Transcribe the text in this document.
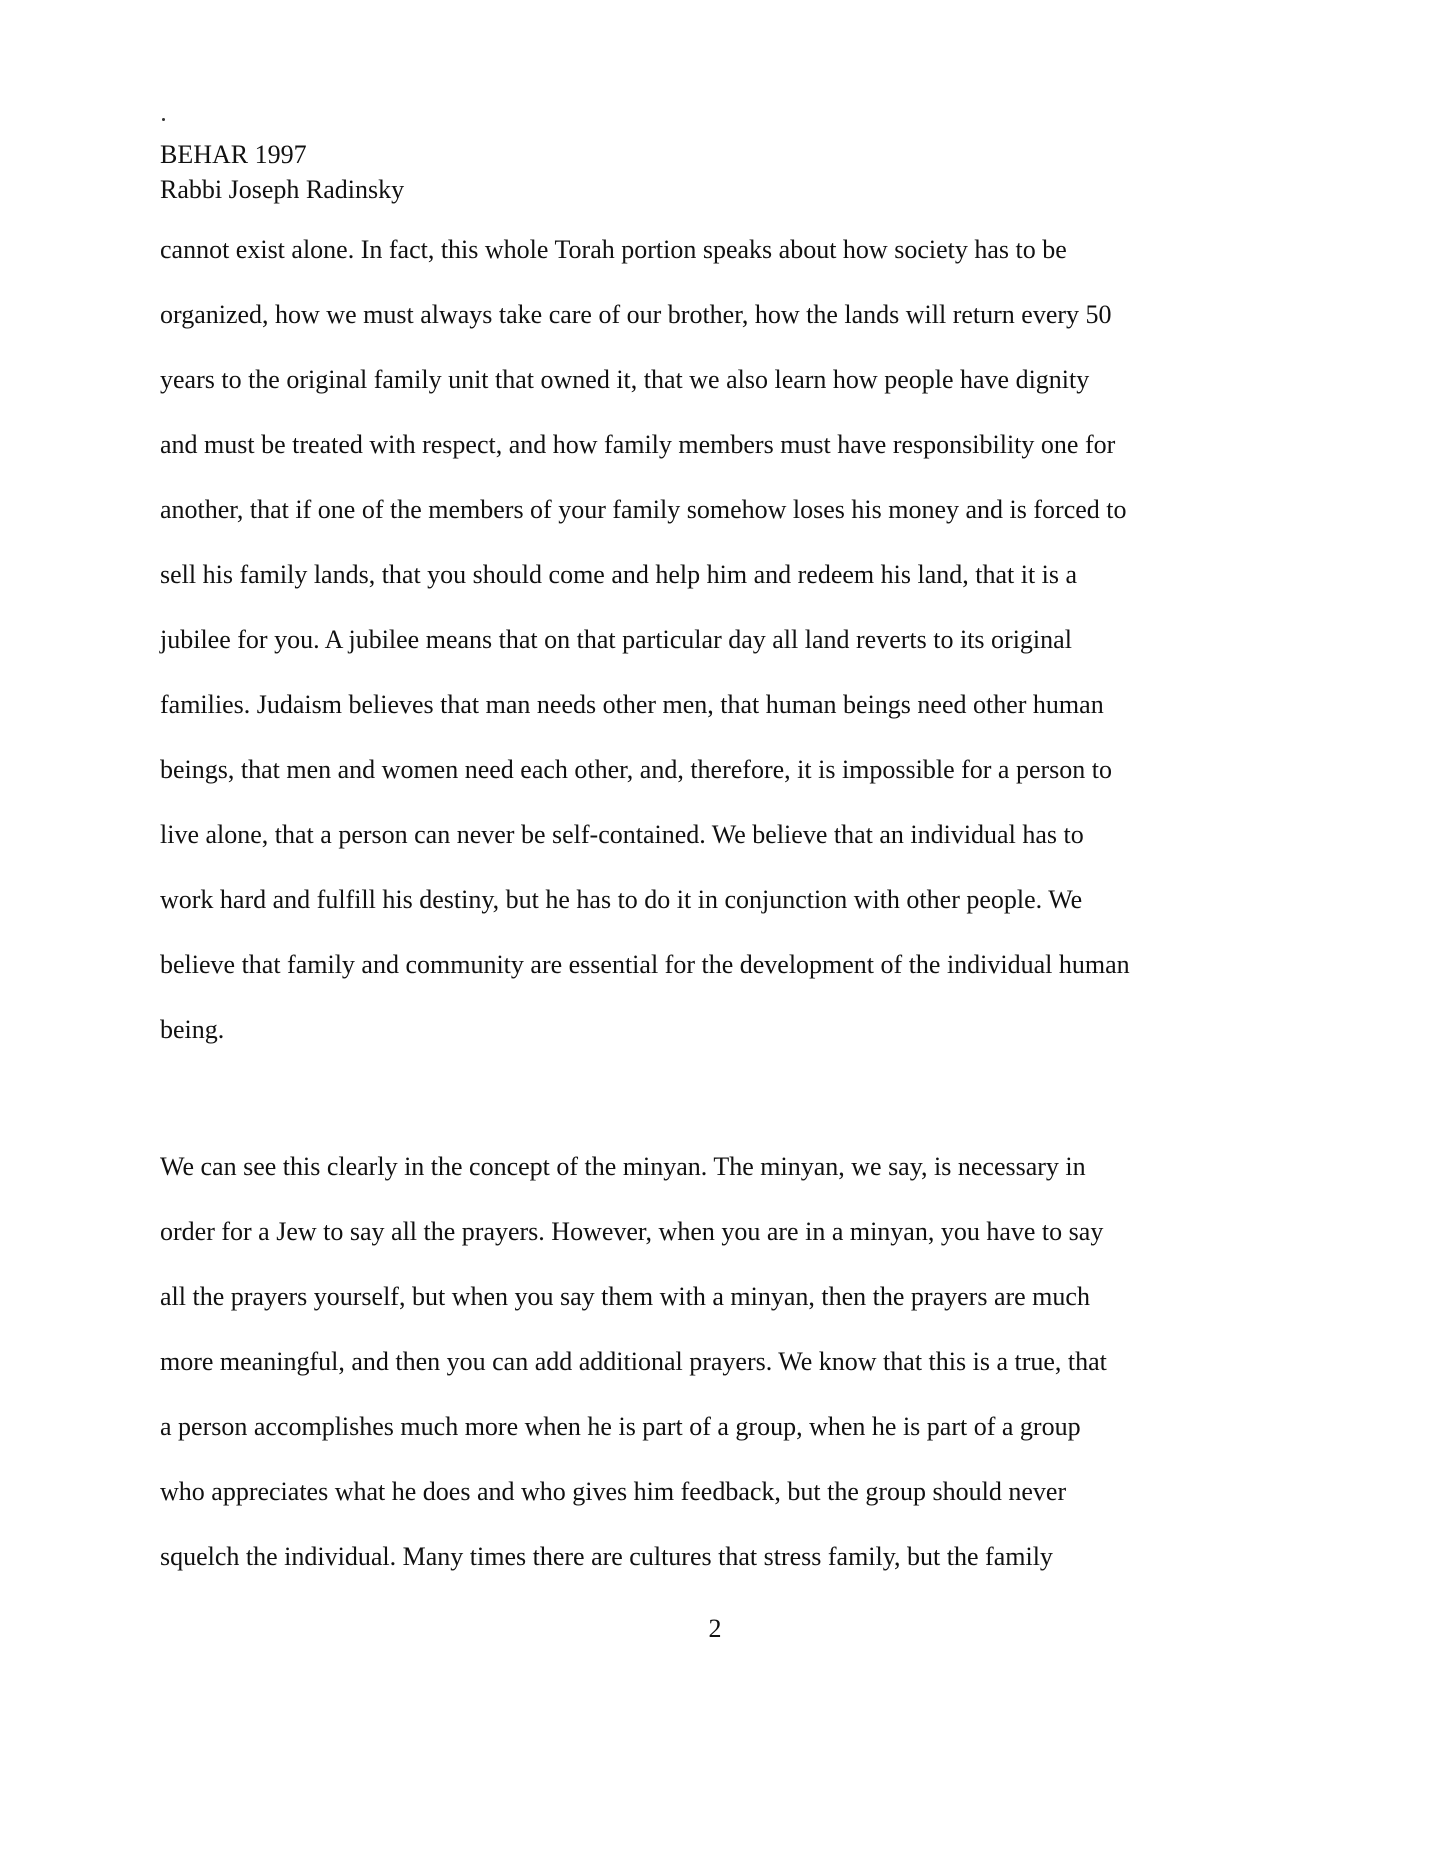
BEHAR 1997
Rabbi Joseph Radinsky
cannot exist alone. In fact, this whole Torah portion speaks about how society has to be
organized, how we must always take care of our brother, how the lands will return every 50
years to the original family unit that owned it, that we also learn how people have dignity
and must be treated with respect, and how family members must have responsibility one for
another, that if one of the members of your family somehow loses his money and is forced to
sell his family lands, that you should come and help him and redeem his land, that it is a
jubilee for you. A jubilee means that on that particular day all land reverts to its original
families. Judaism believes that man needs other men, that human beings need other human
beings, that men and women need each other, and, therefore, it is impossible for a person to
live alone, that a person can never be self-contained. We believe that an individual has to
work hard and fulfill his destiny, but he has to do it in conjunction with other people. We
believe that family and community are essential for the development of the individual human
being.
We can see this clearly in the concept of the minyan. The minyan, we say, is necessary in
order for a Jew to say all the prayers. However, when you are in a minyan, you have to say
all the prayers yourself, but when you say them with a minyan, then the prayers are much
more meaningful, and then you can add additional prayers. We know that this is a true, that
a person accomplishes much more when he is part of a group, when he is part of a group
who appreciates what he does and who gives him feedback, but the group should never
squelch the individual. Many times there are cultures that stress family, but the family
2
